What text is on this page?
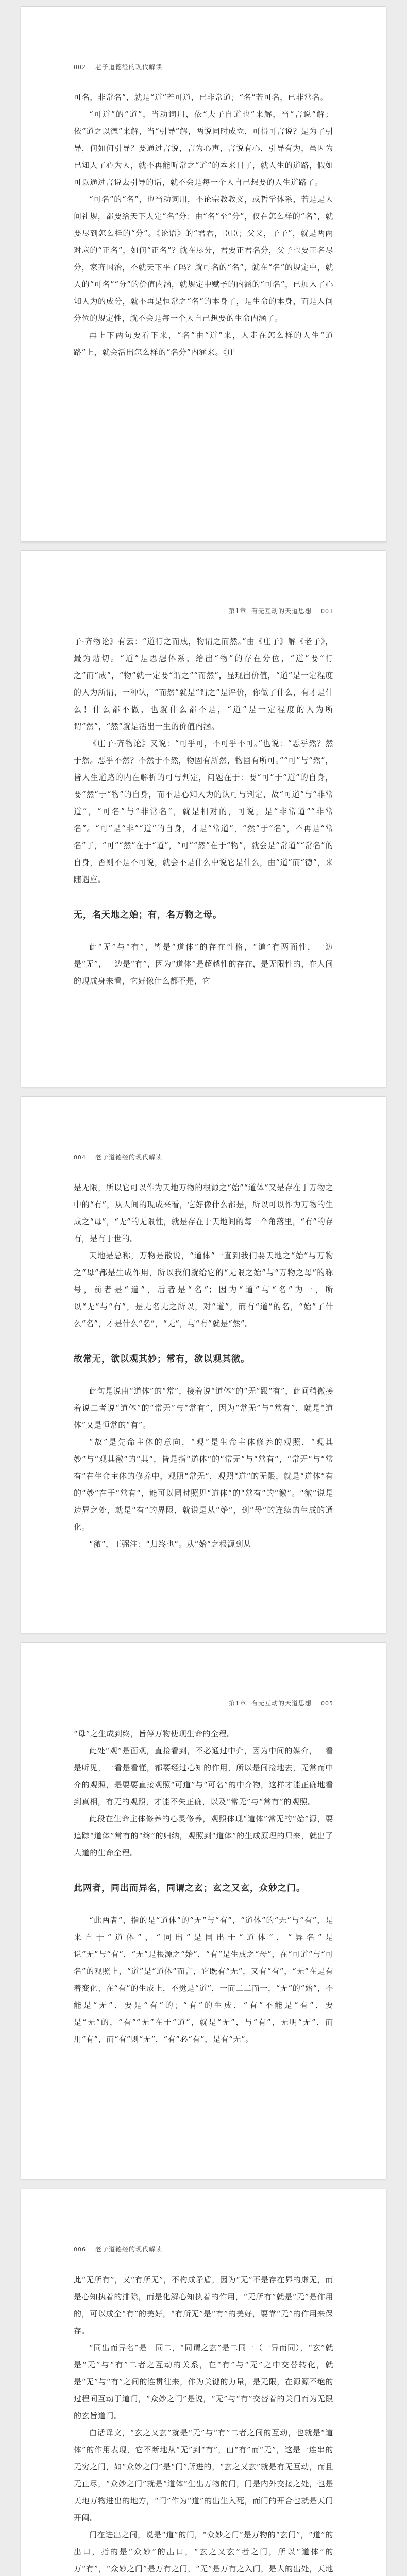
002 老子道德经的现代解读

可名，非常名”，就是“道”若可道，已非常道；“名”若可名，已非常名。

“可道”的“道”，当动词用，依“夫子自道也”来解，当“言说”解；依“道之以德”来解，当“引导”解，两说同时成立，可得可言说？是为了引导，何如何引导？要通过言说，言为心声，言说有心，引导有为，虽因为已知人了心为人，就不再能听常之“道”的本来目了，就人生的道路，假如可以通过言说去引导的话，就不会是每一个人自己想要的人生道路了。

“可名”的“名”，也当动词用，不论宗教教义，或哲学体系，若是是人间礼规，都要给天下人定“名”分：由“名”至“分”，仅在怎么样的“名”，就要尽到怎么样的“分”。《论语》的“君君，臣臣；父父，子子”，就是两两对应的“正名”，如何“正名”？就在尽分，君要正君名分，父子也要正名尽分，家齐国治，不就天下平了吗？就可名的“名”，就在“名”的规定中，就人的“可名”“分”的价值内涵，就规定中赋予的内涵的“可名”，已加入了心知人为的成分，就不再是恒常之“名”的本身了，是生命的本身，而是人间分位的规定性，就不会是每一个人自己想要的生命内涵了。

再上下两句要看下来，“名”由“道”来，人走在怎么样的人生“道路”上，就会活出怎么样的“名分”内涵来。《庄

第1章 有无互动的天道思想 003

子·齐物论》有云：“道行之而成，物谓之而然。”由《庄子》解《老子》，最为贴切。“道”是思想体系，给出“物”的存在分位，“道”要“行之”而“成”，“物”就一定要“谓之”“而然”，显现出价值，“道”是一定程度的人为所谓，一种认，“而然”就是“谓之”是评价，你做了什么，有才是什么！什么都不做，也就什么都不是，“道”是一定程度的人为所谓“然”，“然”就是活出一生的价值内涵。

《庄子·齐物论》又说：“可乎可，不可乎不可。”也说：“恶乎然？然于然。恶乎不然？不然于不然，物固有所然，物固有所可。”“可”与“然”，皆人生道路的内在解析的可与判定，问题在于：要“可”于“道”的自身，要“然”于“物”的自身，而不是心知人为的认可与判定，故“可道”与“非常道”，“可名”与“非常名”，就是相对的，可说，是“非常道”“非常名”。“可”是“非”“道”的自身，才是“常道”，“然”于“名”，不再是“常名”了，“可”“然”在于“道”，“可”“然”在于“物”，就会是“常道”“常名”的自身，否则不是不可说，就会不是什么中说它是什么，由“道”而“德”，来随遇应。

无，名天地之始；有，名万物之母。

此“无”与“有”，皆是“道体”的存在性格，“道”有两面性，一边是“无”，一边是“有”，因为“道体”是超越性的存在，是无限性的，在人间的现成身来看，它好像什么都不是，它

004 老子道德经的现代解读

是无限，所以它可以作为天地万物的根源之“始”“道体”又是存在于万物之中的“有”，从人间的现成来看，它好像什么都是，所以可以作为万物的生成之“母”，“无”的无限性，就是存在于天地间的每一个角落里，“有”的存有，是有于世的。

天地是总称，万物是散说，“道体”一直到我们要天地之“始”与万物之“母”都是生成作用，所以我们就给它的“无限之始”与“万物之母”的称号，前者是“道”，后者是“名”；因为“道”与“名”为一，所以“无”与“有”，是无名无之所以，对“道”，而有“道”的名，“始”了什么“名”，才是什么“名”，“无”，与“有”就是“然”。

故常无，欲以观其妙；常有，欲以观其徼。

此句是说由“道体”的“常”，接着说“道体”的“无”跟“有”，此间稍微接着说二者说“道体”的“常无”与“常有”，因为“常无”与“常有”，就是“道体”又是恒常的“有”。

“故”是先命主体的意向，“观”是生命主体修养的观照，“观其妙”与“观其徼”的“其”，皆是指“道体”的“常无”与“常有”，“常无”与“常有”在生命主体的修养中，观照“常无”，观照“道”的无限，就是“道体”有的“妙”在于“常有”，能可以同时照见“道体”的“常有”的“徼”。“徼”说是边界之处，就是“有”的界限，就说是从“始”，到“母”的连续的生成的通化。

“徼”，王弼注：“归终也”。从“始”之根源到从

第1章 有无互动的天道思想 005

“母”之生成到终，旨停万物使现生命的全程。

此处“观”是面观，直接看到，不必通过中介，因为中间的媒介，一看是听见，一看是看懂，都要经过心知的作用，所以是间接地去，无常而中介的观照，是要要直接观照“可道”与“可名”的中介物，这样才能正确地看到真相，有无的观照，才能不失正确，以及“常无”与“常有”的观照。

此段在生命主体修养的心灵修养，观照体现“道体”常无的“始”源，要追踪“道体”常有的“终”的归纳，观照到“道体”的生成原理的只来，就出了人道的生命全程。

此两者，同出而异名，同谓之玄；玄之又玄，众妙之门。

“此两者”，指的是“道体”的“无”与“有”，“道体”的“无”与“有”，是来自于“道体”，“同出”是同出于“道体”，“异名”是说“无”与“有”，“无”是根源之“始”，“有”是生成之“母”，在“可道”与“可名”的观照上，“道”是“道体”而言，它既有“无”，又有“有”，“无”在是有着变化、在“有”的生成上，不觉是“道”，一而二二而一，“无”的“始”，不能是“无”，要是“有”的；“有”的生成，“有”不能是“有”，要是“无”的，“有”“无”在于“道”，就是“无”，与“有”，无明“无”，而用“有”，而“有”则“无”，“有”必“有”，是有“无”。

006 老子道德经的现代解读

此“无所有”，又“有所无”，不构成矛盾，因为“无”不是存在界的虚无，而是心知执着的排除，而是化解心知执着的作用，“无所有”就是“无”是作用的，可以成全“有”的美好，“有所无”是“有”的美好，要靠“无”的作用来保存。

“同出而异名”是一同二，“同谓之玄”是二同一（一异而同），“玄”就是“无”与“有”二者之互动的关系，在“有”与“无”之中交替转化，就是“无”与“有”之间的连贯往来，作为关键的力量，是无限，在源源不绝的过程间互动于道门，“众妙之门”是说，“无”与“有”交替着的关门而为无限的玄旨道门。

白话译文，“玄之又玄”就是“无”与“有”二者之间的互动，也就是“道体”的作用表现，它不断地从“无”到“有”，由“有”而“无”，这是一连串的无穷之门，如“众妙之门”是“门”所进的，“玄之又玄”就是有无互动，而且无止尽，“众妙之门”就是“道体”生出万物的门，门是内外交接之处，也是天地万物进出的地方，“门”作为“道”的出生入死，而门的开合也就是天门开阖。

门在进出之间，说是“道”的门，“众妙之门”是万物的“玄门”，“道”的出口，指的是“众妙”的出口，“玄之又玄”者之门，所以“道体”的万“有”，“众妙之门”是万有之门，“无”是万有之入门，是人的出处，天地
